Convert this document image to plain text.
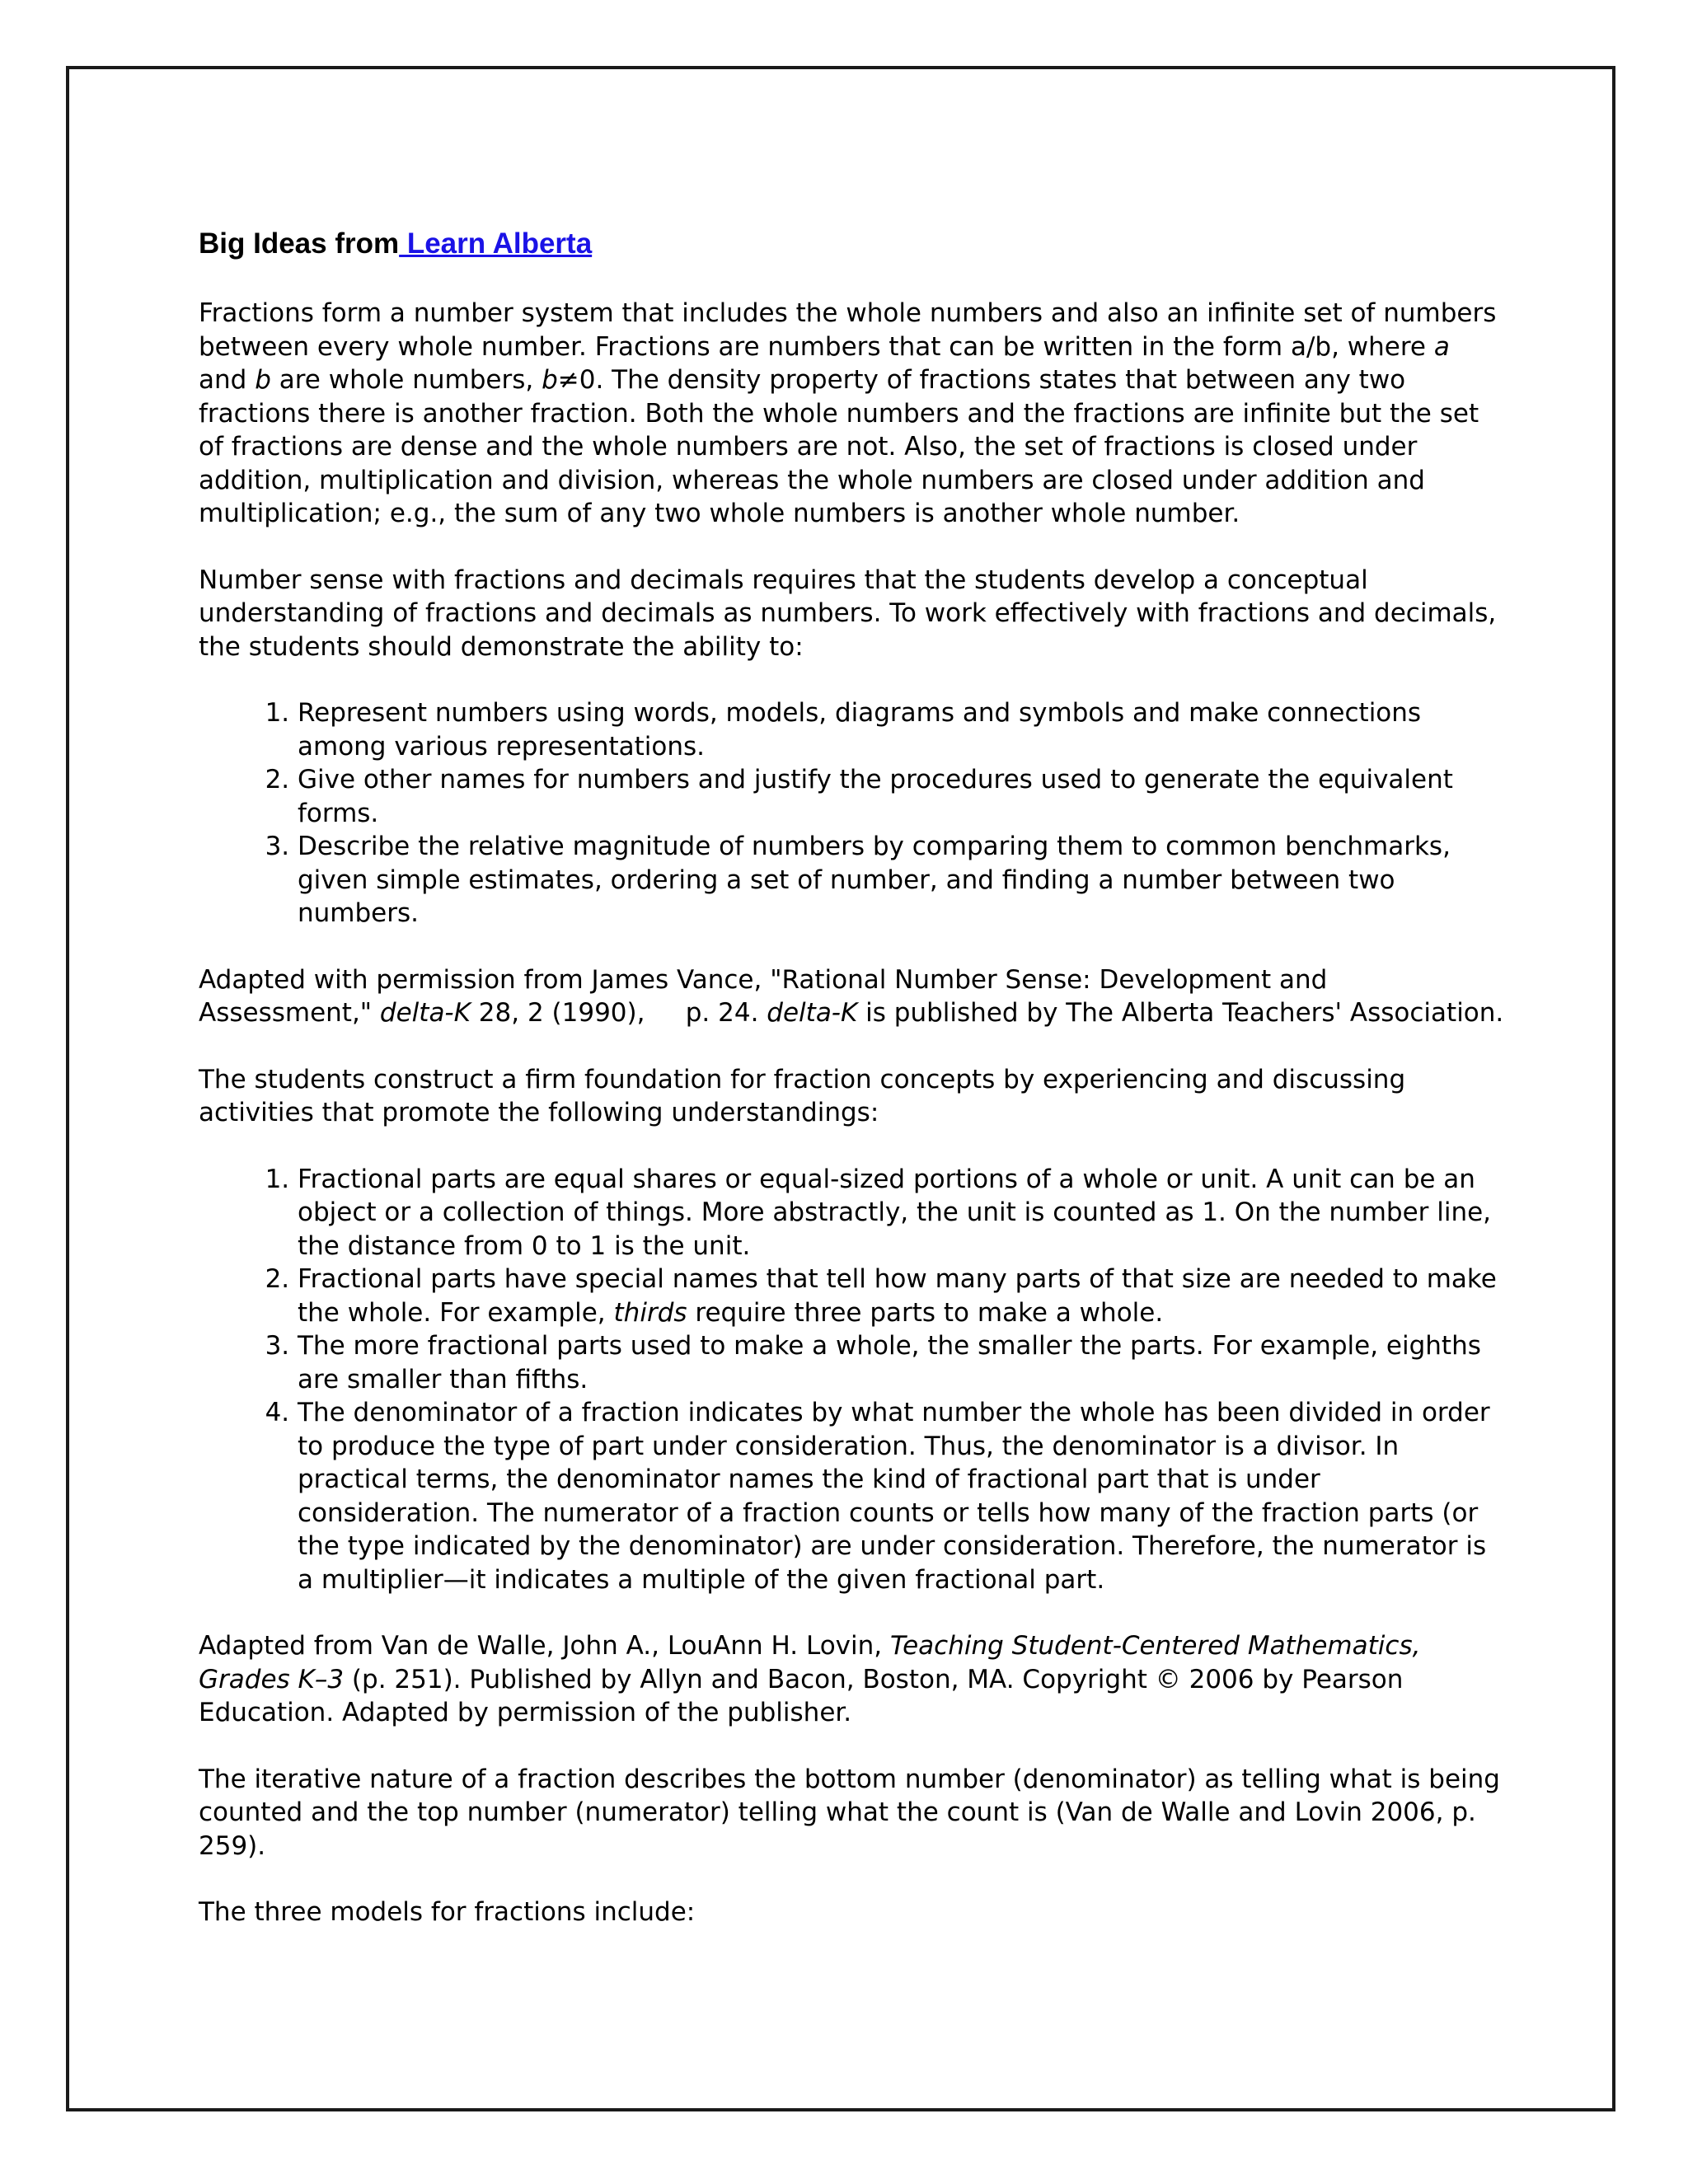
Big Ideas from Learn Alberta

Fractions form a number system that includes the whole numbers and also an infinite set of numbers between every whole number. Fractions are numbers that can be written in the form a/b, where a and b are whole numbers, b≠0. The density property of fractions states that between any two fractions there is another fraction. Both the whole numbers and the fractions are infinite but the set of fractions are dense and the whole numbers are not. Also, the set of fractions is closed under addition, multiplication and division, whereas the whole numbers are closed under addition and multiplication; e.g., the sum of any two whole numbers is another whole number.

Number sense with fractions and decimals requires that the students develop a conceptual understanding of fractions and decimals as numbers. To work effectively with fractions and decimals, the students should demonstrate the ability to:

1. Represent numbers using words, models, diagrams and symbols and make connections among various representations.
2. Give other names for numbers and justify the procedures used to generate the equivalent forms.
3. Describe the relative magnitude of numbers by comparing them to common benchmarks, given simple estimates, ordering a set of number, and finding a number between two numbers.

Adapted with permission from James Vance, "Rational Number Sense: Development and Assessment," delta-K 28, 2 (1990),     p. 24. delta-K is published by The Alberta Teachers' Association.

The students construct a firm foundation for fraction concepts by experiencing and discussing activities that promote the following understandings:

1. Fractional parts are equal shares or equal-sized portions of a whole or unit. A unit can be an object or a collection of things. More abstractly, the unit is counted as 1. On the number line, the distance from 0 to 1 is the unit.
2. Fractional parts have special names that tell how many parts of that size are needed to make the whole. For example, thirds require three parts to make a whole.
3. The more fractional parts used to make a whole, the smaller the parts. For example, eighths are smaller than fifths.
4. The denominator of a fraction indicates by what number the whole has been divided in order to produce the type of part under consideration. Thus, the denominator is a divisor. In practical terms, the denominator names the kind of fractional part that is under consideration. The numerator of a fraction counts or tells how many of the fraction parts (or the type indicated by the denominator) are under consideration. Therefore, the numerator is a multiplier—it indicates a multiple of the given fractional part.

Adapted from Van de Walle, John A., LouAnn H. Lovin, Teaching Student-Centered Mathematics, Grades K–3 (p. 251). Published by Allyn and Bacon, Boston, MA. Copyright © 2006 by Pearson Education. Adapted by permission of the publisher.

The iterative nature of a fraction describes the bottom number (denominator) as telling what is being counted and the top number (numerator) telling what the count is (Van de Walle and Lovin 2006, p. 259).

The three models for fractions include:
